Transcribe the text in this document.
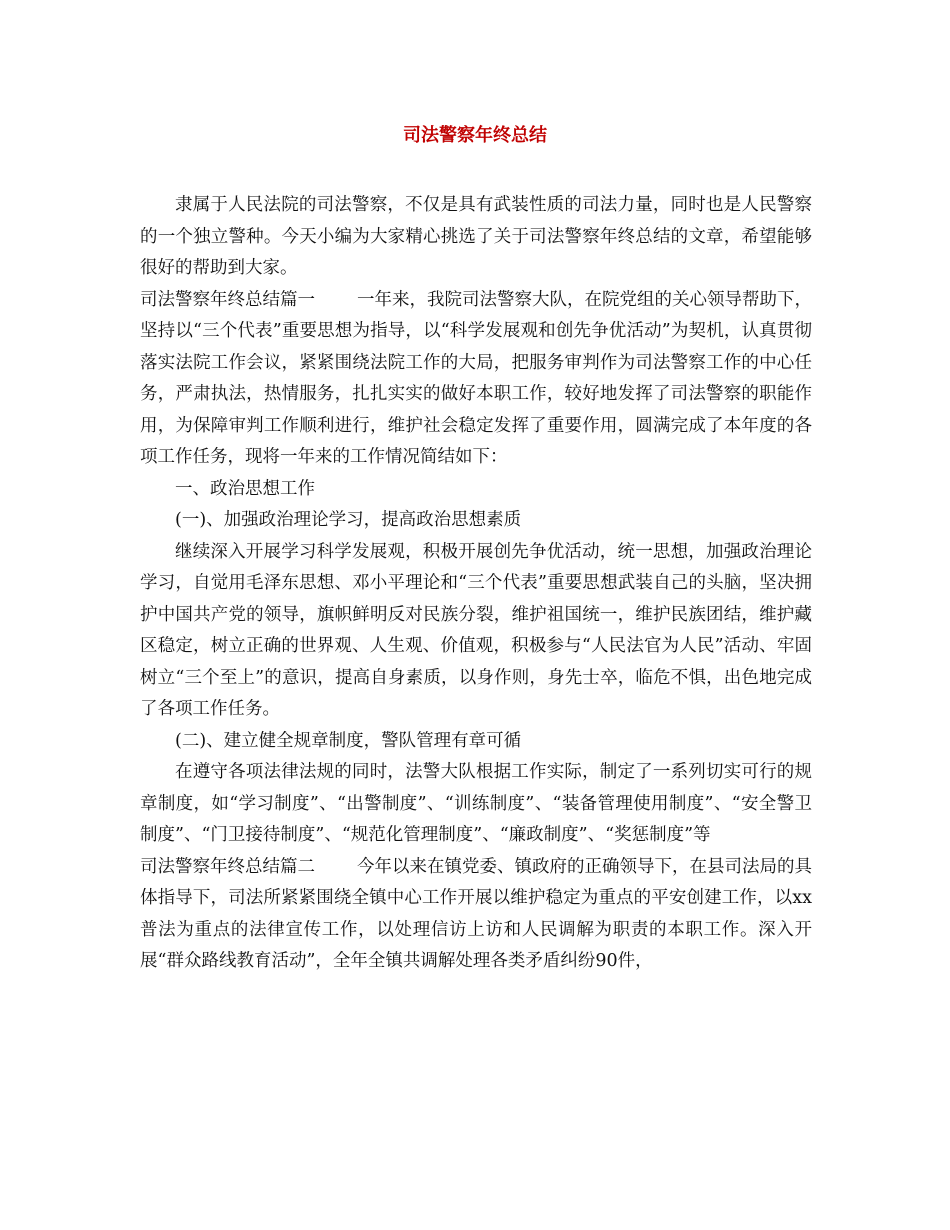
司法警察年终总结

隶属于人民法院的司法警察，不仅是具有武装性质的司法力量，同时也是人民警察的一个独立警种。今天小编为大家精心挑选了关于司法警察年终总结的文章，希望能够很好的帮助到大家。

司法警察年终总结篇一 一年来，我院司法警察大队，在院党组的关心领导帮助下，坚持以“三个代表”重要思想为指导，以“科学发展观和创先争优活动”为契机，认真贯彻落实法院工作会议，紧紧围绕法院工作的大局，把服务审判作为司法警察工作的中心任务，严肃执法，热情服务，扎扎实实的做好本职工作，较好地发挥了司法警察的职能作用，为保障审判工作顺利进行，维护社会稳定发挥了重要作用，圆满完成了本年度的各项工作任务，现将一年来的工作情况简结如下：

一、政治思想工作

(一)、加强政治理论学习，提高政治思想素质

继续深入开展学习科学发展观，积极开展创先争优活动，统一思想，加强政治理论学习，自觉用毛泽东思想、邓小平理论和“三个代表”重要思想武装自己的头脑，坚决拥护中国共产党的领导，旗帜鲜明反对民族分裂，维护祖国统一，维护民族团结，维护藏区稳定，树立正确的世界观、人生观、价值观，积极参与“人民法官为人民”活动、牢固树立“三个至上”的意识，提高自身素质，以身作则，身先士卒，临危不惧，出色地完成了各项工作任务。

(二)、建立健全规章制度，警队管理有章可循

在遵守各项法律法规的同时，法警大队根据工作实际，制定了一系列切实可行的规章制度，如“学习制度”、“出警制度”、“训练制度”、“装备管理使用制度”、“安全警卫制度”、“门卫接待制度”、“规范化管理制度”、“廉政制度”、“奖惩制度”等

司法警察年终总结篇二 今年以来在镇党委、镇政府的正确领导下，在县司法局的具体指导下，司法所紧紧围绕全镇中心工作开展以维护稳定为重点的平安创建工作，以xx普法为重点的法律宣传工作，以处理信访上访和人民调解为职责的本职工作。深入开展“群众路线教育活动”，全年全镇共调解处理各类矛盾纠纷90件，
